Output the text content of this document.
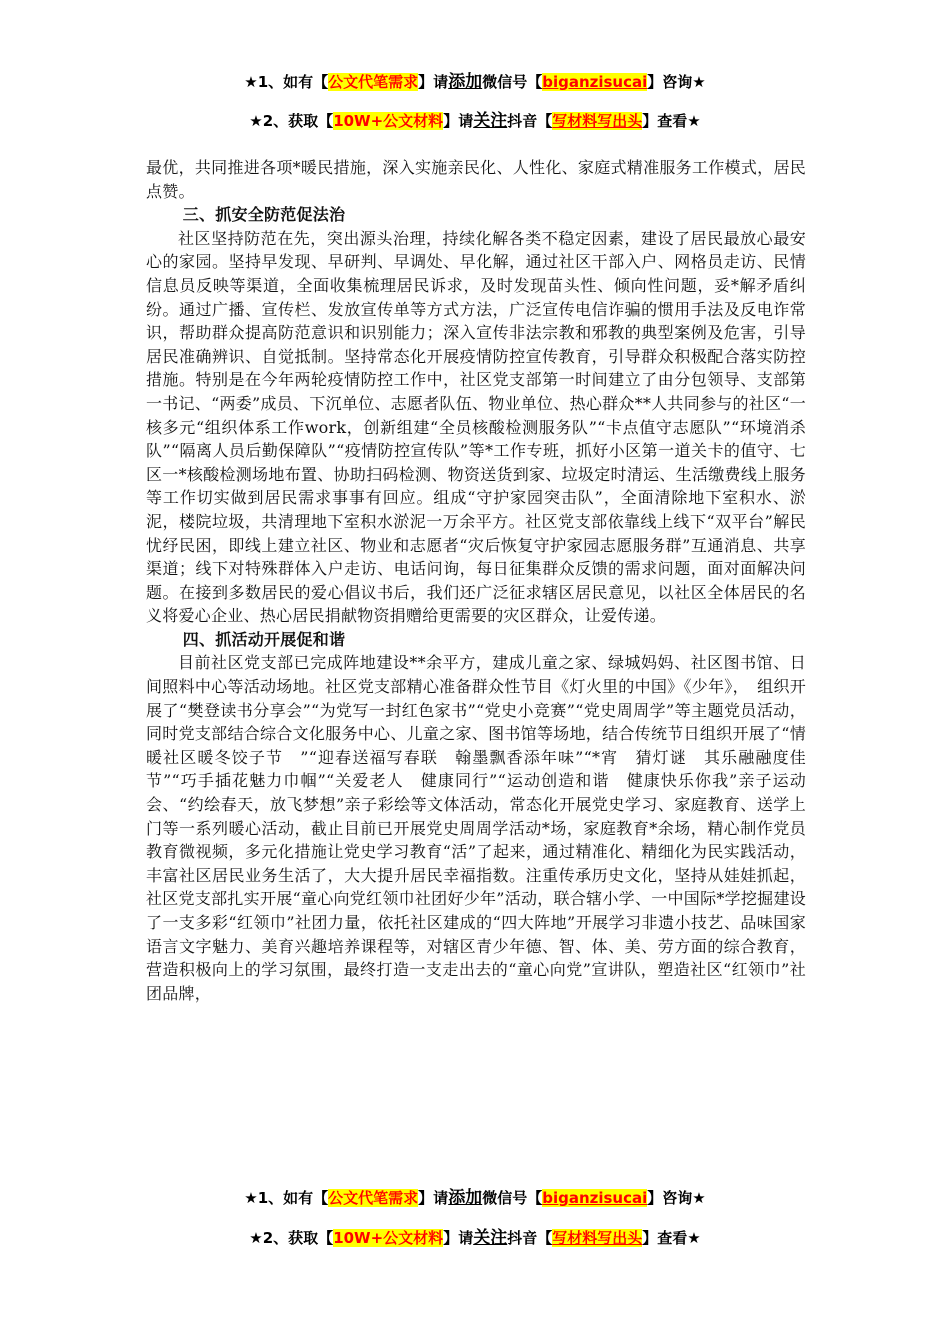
★1、如有【公文代笔需求】请添加微信号【biganzisucai】咨询★
★2、获取【10W+公文材料】请关注抖音【写材料写出头】查看★

最优，共同推进各项*暖民措施，深入实施亲民化、人性化、家庭式精准服务工作模式，居民点赞。

三、抓安全防范促法治

社区坚持防范在先，突出源头治理，持续化解各类不稳定因素，建设了居民最放心最安心的家园。坚持早发现、早研判、早调处、早化解，通过社区干部入户、网格员走访、民情信息员反映等渠道，全面收集梳理居民诉求，及时发现苗头性、倾向性问题，妥*解矛盾纠纷。通过广播、宣传栏、发放宣传单等方式方法，广泛宣传电信诈骗的惯用手法及反电诈常识，帮助群众提高防范意识和识别能力；深入宣传非法宗教和邪教的典型案例及危害，引导居民准确辨识、自觉抵制。坚持常态化开展疫情防控宣传教育，引导群众积极配合落实防控措施。特别是在今年两轮疫情防控工作中，社区党支部第一时间建立了由分包领导、支部第一书记、“两委”成员、下沉单位、志愿者队伍、物业单位、热心群众**人共同参与的社区“一核多元“组织体系工作work，创新组建“全员核酸检测服务队”“卡点值守志愿队”“环境消杀队”“隔离人员后勤保障队”“疫情防控宣传队”等*工作专班，抓好小区第一道关卡的值守、七区一*核酸检测场地布置、协助扫码检测、物资送货到家、垃圾定时清运、生活缴费线上服务等工作切实做到居民需求事事有回应。组成“守护家园突击队”，全面清除地下室积水、淤泥，楼院垃圾，共清理地下室积水淤泥一万余平方。社区党支部依靠线上线下“双平台”解民忧纾民困，即线上建立社区、物业和志愿者“灾后恢复守护家园志愿服务群”互通消息、共享渠道；线下对特殊群体入户走访、电话问询，每日征集群众反馈的需求问题，面对面解决问题。在接到多数居民的爱心倡议书后，我们还广泛征求辖区居民意见，以社区全体居民的名义将爱心企业、热心居民捐献物资捐赠给更需要的灾区群众，让爱传递。

四、抓活动开展促和谐

目前社区党支部已完成阵地建设**余平方，建成儿童之家、绿城妈妈、社区图书馆、日间照料中心等活动场地。社区党支部精心准备群众性节目《灯火里的中国》《少年》，　组织开展了“樊登读书分享会”“为党写一封红色家书”“党史小竞赛”“党史周周学”等主题党员活动，同时党支部结合综合文化服务中心、儿童之家、图书馆等场地，结合传统节日组织开展了“情暖社区暖冬饺子节　”“迎春送福写春联　翰墨飘香添年味”“*宵　猜灯谜　其乐融融度佳节”“巧手插花魅力巾帼”“关爱老人　健康同行”“运动创造和谐　健康快乐你我”亲子运动会、“约绘春天，放飞梦想”亲子彩绘等文体活动，常态化开展党史学习、家庭教育、送学上门等一系列暖心活动，截止目前已开展党史周周学活动*场，家庭教育*余场，精心制作党员教育微视频，多元化措施让党史学习教育“活”了起来，通过精准化、精细化为民实践活动，丰富社区居民业务生活了，大大提升居民幸福指数。注重传承历史文化，坚持从娃娃抓起，社区党支部扎实开展“童心向党红领巾社团好少年”活动，联合辖小学、一中国际*学挖掘建设了一支多彩“红领巾”社团力量，依托社区建成的“四大阵地”开展学习非遗小技艺、品味国家语言文字魅力、美育兴趣培养课程等，对辖区青少年德、智、体、美、劳方面的综合教育，营造积极向上的学习氛围，最终打造一支走出去的“童心向党”宣讲队，塑造社区“红领巾”社团品牌，

★1、如有【公文代笔需求】请添加微信号【biganzisucai】咨询★
★2、获取【10W+公文材料】请关注抖音【写材料写出头】查看★
